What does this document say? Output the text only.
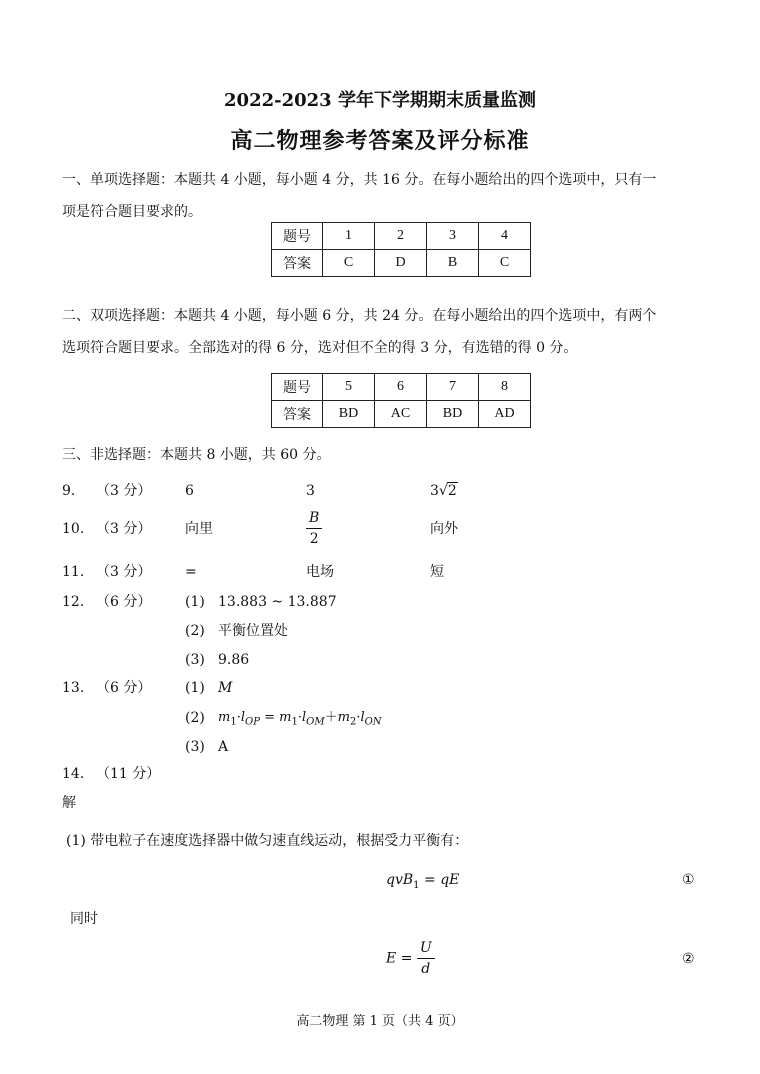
2022-2023 学年下学期期末质量监测
高二物理参考答案及评分标准
一、单项选择题：本题共 4 小题，每小题 4 分，共 16 分。在每小题给出的四个选项中，只有一
项是符合题目要求的。
题号	1	2	3	4
答案	C	D	B	C
二、双项选择题：本题共 4 小题，每小题 6 分，共 24 分。在每小题给出的四个选项中，有两个
选项符合题目要求。全部选对的得 6 分，选对但不全的得 3 分，有选错的得 0 分。
题号	5	6	7	8
答案	BD	AC	BD	AD
三、非选择题：本题共 8 小题，共 60 分。
9. （3 分） 6	3	3√2
10. （3 分） 向里	$\frac{B}{2}$	向外
11. （3 分） =	电场	短
12. （6 分） (1) 13.883 ~ 13.887
(2) 平衡位置处
(3) 9.86
13. （6 分） (1) M
(2) $m_1\cdot l_{OP} = m_1\cdot l_{OM}+m_2\cdot l_{ON}$
(3) A
14. （11 分）
解
(1) 带电粒子在速度选择器中做匀速直线运动，根据受力平衡有：
qvB$_1$ = qE	①
同时
$E = \frac{U}{d}$	②
高二物理 第 1 页（共 4 页）
